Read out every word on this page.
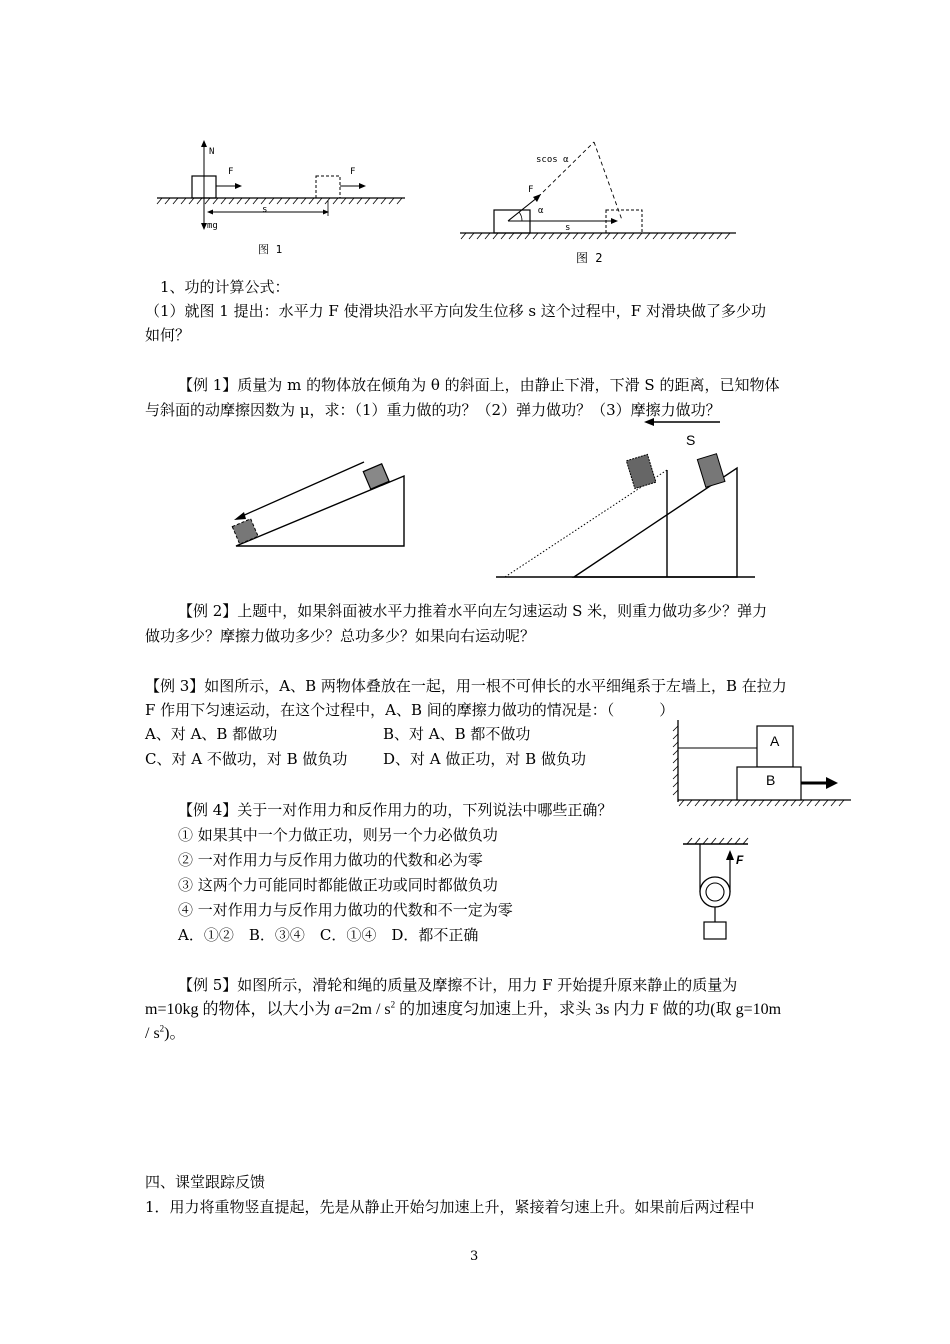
N
F	F
mg
s
图 1
scos α
F
α
s
图 2
1、功的计算公式：
（1）就图 1 提出：水平力 F 使滑块沿水平方向发生位移 s 这个过程中，F 对滑块做了多少功
如何？
【例 1】质量为 m 的物体放在倾角为 θ 的斜面上，由静止下滑，下滑 S 的距离，已知物体
与斜面的动摩擦因数为 μ，求：（1）重力做的功？（2）弹力做功？（3）摩擦力做功？
S
【例 2】上题中，如果斜面被水平力推着水平向左匀速运动 S 米，则重力做功多少？弹力
做功多少？摩擦力做功多少？总功多少？如果向右运动呢？
【例 3】如图所示，A、B 两物体叠放在一起，用一根不可伸长的水平细绳系于左墙上，B 在拉力
F 作用下匀速运动，在这个过程中，A、B 间的摩擦力做功的情况是：（　　　）
A、对 A、B 都做功	B、对 A、B 都不做功
C、对 A 不做功，对 B 做负功 D、对 A 做正功，对 B 做负功
A
B
【例 4】关于一对作用力和反作用力的功，下列说法中哪些正确？
① 如果其中一个力做正功，则另一个力必做负功
② 一对作用力与反作用力做功的代数和必为零
③ 这两个力可能同时都能做正功或同时都做负功
④ 一对作用力与反作用力做功的代数和不一定为零
A．①②　B．③④　C．①④　D．都不正确
F
【例 5】如图所示，滑轮和绳的质量及摩擦不计，用力 F 开始提升原来静止的质量为
m=10kg 的物体，以大小为 $a=2m / s^2$ 的加速度匀加速上升，求头 3s 内力 F 做的功(取 g=10m
/ $s^2$)。
四、课堂跟踪反馈
1．用力将重物竖直提起，先是从静止开始匀加速上升，紧接着匀速上升。如果前后两过程中
3
